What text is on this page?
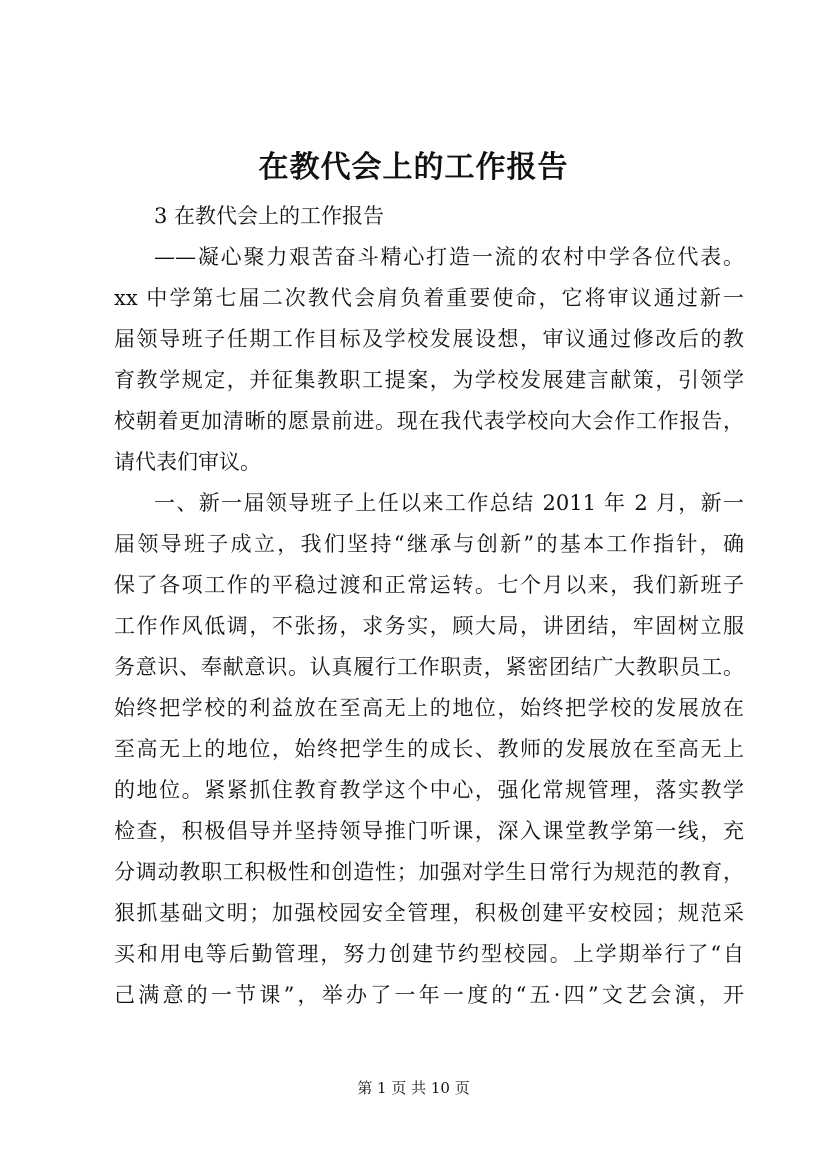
在教代会上的工作报告
3 在教代会上的工作报告
——凝心聚力艰苦奋斗精心打造一流的农村中学各位代表。
xx 中学第七届二次教代会肩负着重要使命，它将审议通过新一
届领导班子任期工作目标及学校发展设想，审议通过修改后的教
育教学规定，并征集教职工提案，为学校发展建言献策，引领学
校朝着更加清晰的愿景前进。现在我代表学校向大会作工作报告，
请代表们审议。
一、新一届领导班子上任以来工作总结 2011 年 2 月，新一
届领导班子成立，我们坚持“继承与创新”的基本工作指针，确
保了各项工作的平稳过渡和正常运转。七个月以来，我们新班子
工作作风低调，不张扬，求务实，顾大局，讲团结，牢固树立服
务意识、奉献意识。认真履行工作职责，紧密团结广大教职员工。
始终把学校的利益放在至高无上的地位，始终把学校的发展放在
至高无上的地位，始终把学生的成长、教师的发展放在至高无上
的地位。紧紧抓住教育教学这个中心，强化常规管理，落实教学
检查，积极倡导并坚持领导推门听课，深入课堂教学第一线，充
分调动教职工积极性和创造性；加强对学生日常行为规范的教育，
狠抓基础文明；加强校园安全管理，积极创建平安校园；规范采
买和用电等后勤管理，努力创建节约型校园。上学期举行了“自
己满意的一节课”，举办了一年一度的“五·四”文艺会演，开
第 1 页 共 10 页
